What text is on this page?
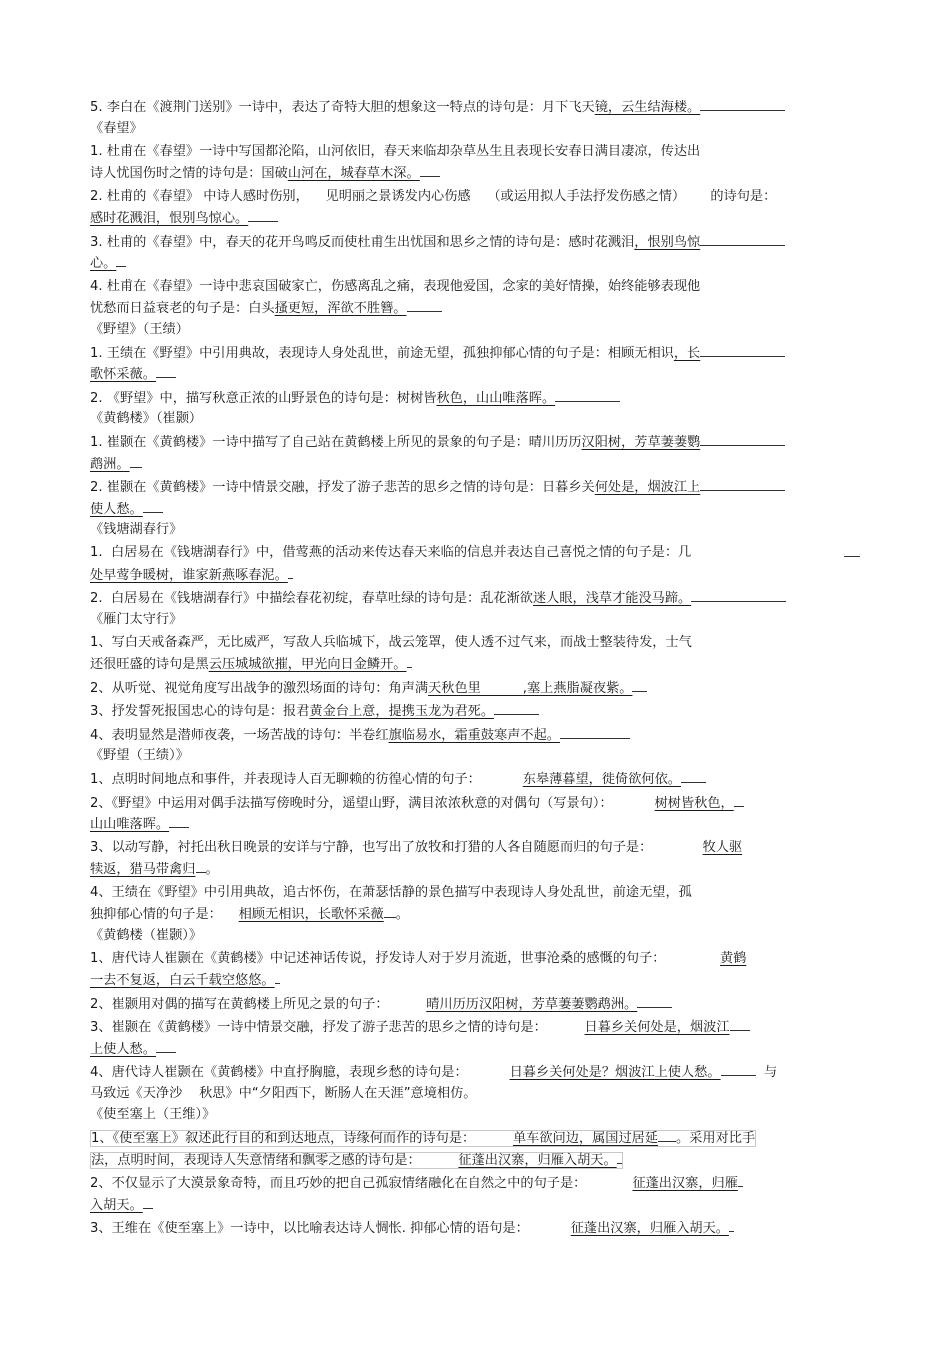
5. 李白在《渡荆门送别》一诗中，表达了奇特大胆的想象这一特点的诗句是：月下飞天镜，云生结海楼。
《春望》
1. 杜甫在《春望》一诗中写国都沦陷，山河依旧，春天来临却杂草丛生且表现长安春日满目凄凉，传达出
诗人忧国伤时之情的诗句是：国破山河在，城春草木深。
2. 杜甫的《春望》 中诗人感时伤别，    见明丽之景诱发内心伤感    （或运用拟人手法抒发伤感之情）      的诗句是：
感时花溅泪，恨别鸟惊心。
3. 杜甫的《春望》中，春天的花开鸟鸣反而使杜甫生出忧国和思乡之情的诗句是：感时花溅泪，恨别鸟惊
心。
4. 杜甫在《春望》一诗中悲哀国破家亡，伤感离乱之痛，表现他爱国，念家的美好情操，始终能够表现他
忧愁而日益衰老的句子是：白头搔更短，浑欲不胜簪。
《野望》（王绩）
1. 王绩在《野望》中引用典故，表现诗人身处乱世，前途无望，孤独抑郁心情的句子是：相顾无相识，长
歌怀采薇。
2. 《野望》中，描写秋意正浓的山野景色的诗句是：树树皆秋色，山山唯落晖。
《黄鹤楼》（崔颢）
1. 崔颢在《黄鹤楼》一诗中描写了自己站在黄鹤楼上所见的景象的句子是：晴川历历汉阳树，芳草萋萋鹦
鹉洲。
2. 崔颢在《黄鹤楼》一诗中情景交融，抒发了游子悲苦的思乡之情的诗句是：日暮乡关何处是，烟波江上
使人愁。
《钱塘湖春行》
1.  白居易在《钱塘湖春行》中，借莺燕的活动来传达春天来临的信息并表达自己喜悦之情的句子是：几
处早莺争暖树，谁家新燕啄春泥。
2.  白居易在《钱塘湖春行》中描绘春花初绽，春草吐绿的诗句是：乱花渐欲迷人眼，浅草才能没马蹄。
《雁门太守行》
1、写白天戒备森严，无比威严，写敌人兵临城下，战云笼罩，使人透不过气来，而战士整装待发，士气
还很旺盛的诗句是黑云压城城欲摧，甲光向日金鳞开。
2、从听觉、视觉角度写出战争的激烈场面的诗句：角声满天秋色里          ,塞上燕脂凝夜紫。
3、抒发誓死报国忠心的诗句是：报君黄金台上意，提携玉龙为君死。
4、表明显然是潜师夜袭，一场苦战的诗句：半卷红旗临易水，霜重鼓寒声不起。
《野望（王绩）》
1、点明时间地点和事件，并表现诗人百无聊赖的彷徨心情的句子：          东皋薄暮望，徙倚欲何依。
2、《野望》中运用对偶手法描写傍晚时分，遥望山野，满目浓浓秋意的对偶句（写景句）：          树树皆秋色，
山山唯落晖。
3、以动写静，衬托出秋日晚景的安详与宁静，也写出了放牧和打猎的人各自随愿而归的句子是：            牧人驱
犊返，猎马带禽归 。
4、王绩在《野望》中引用典故，追古怀伤，在萧瑟恬静的景色描写中表现诗人身处乱世，前途无望，孤
独抑郁心情的句子是：    相顾无相识，长歌怀采薇 。
《黄鹤楼（崔颢）》
1、唐代诗人崔颢在《黄鹤楼》中记述神话传说，抒发诗人对于岁月流逝，世事沧桑的感慨的句子：             黄鹤
一去不复返，白云千载空悠悠。
2、崔颢用对偶的描写在黄鹤楼上所见之景的句子：         晴川历历汉阳树，芳草萋萋鹦鹉洲。
3、崔颢在《黄鹤楼》一诗中情景交融，抒发了游子悲苦的思乡之情的诗句是：         日暮乡关何处是，烟波江
上使人愁。
4、唐代诗人崔颢在《黄鹤楼》中直抒胸臆，表现乡愁的诗句是：          日暮乡关何处是？烟波江上使人愁。	与
马致远《天净沙    秋思》中“夕阳西下，断肠人在天涯”意境相仿。
《使至塞上（王维）》
1、《使至塞上》叙述此行目的和到达地点，诗缘何而作的诗句是：         单车欲问边，属国过居延 。采用对比手
法，点明时间，表现诗人失意情绪和飘零之感的诗句是：         征蓬出汉寨，归雁入胡天。
2、不仅显示了大漠景象奇特，而且巧妙的把自己孤寂情绪融化在自然之中的句子是：           征蓬出汉寨，归雁
入胡天。
3、王维在《使至塞上》一诗中，以比喻表达诗人惆怅. 抑郁心情的语句是：          征蓬出汉寨，归雁入胡天。
